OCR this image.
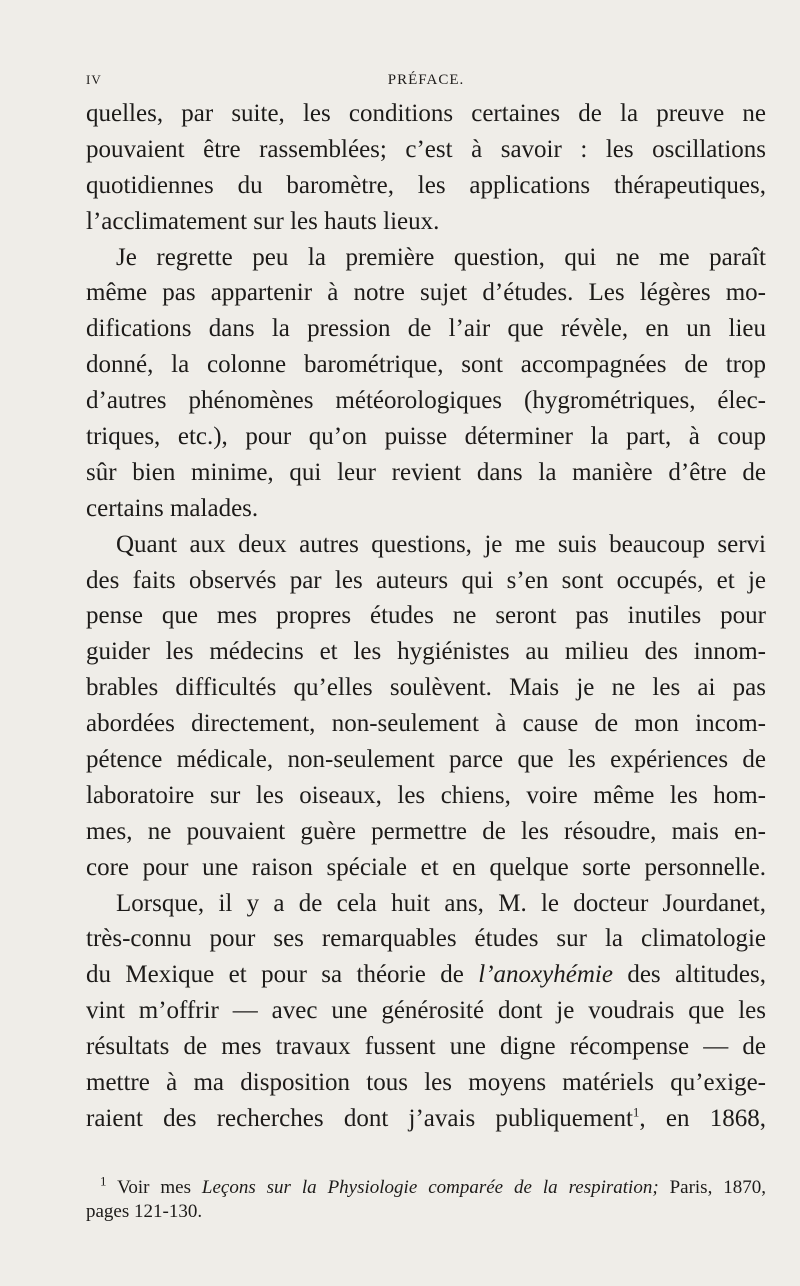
IV	PRÉFACE.
quelles, par suite, les conditions certaines de la preuve ne
pouvaient être rassemblées; c’est à savoir : les oscillations
quotidiennes du baromètre, les applications thérapeutiques,
l’acclimatement sur les hauts lieux.
Je regrette peu la première question, qui ne me paraît
même pas appartenir à notre sujet d’études. Les légères mo-
difications dans la pression de l’air que révèle, en un lieu
donné, la colonne barométrique, sont accompagnées de trop
d’autres phénomènes météorologiques (hygrométriques, élec-
triques, etc.), pour qu’on puisse déterminer la part, à coup
sûr bien minime, qui leur revient dans la manière d’être de
certains malades.
Quant aux deux autres questions, je me suis beaucoup servi
des faits observés par les auteurs qui s’en sont occupés, et je
pense que mes propres études ne seront pas inutiles pour
guider les médecins et les hygiénistes au milieu des innom-
brables difficultés qu’elles soulèvent. Mais je ne les ai pas
abordées directement, non-seulement à cause de mon incom-
pétence médicale, non-seulement parce que les expériences de
laboratoire sur les oiseaux, les chiens, voire même les hom-
mes, ne pouvaient guère permettre de les résoudre, mais en-
core pour une raison spéciale et en quelque sorte personnelle.
Lorsque, il y a de cela huit ans, M. le docteur Jourdanet,
très-connu pour ses remarquables études sur la climatologie
du Mexique et pour sa théorie de l’anoxyhémie des altitudes,
vint m’offrir — avec une générosité dont je voudrais que les
résultats de mes travaux fussent une digne récompense — de
mettre à ma disposition tous les moyens matériels qu’exige-
raient des recherches dont j’avais publiquement$^1$, en 1868,
$^1$ Voir mes Leçons sur la Physiologie comparée de la respiration; Paris, 1870,
pages 121-130.
